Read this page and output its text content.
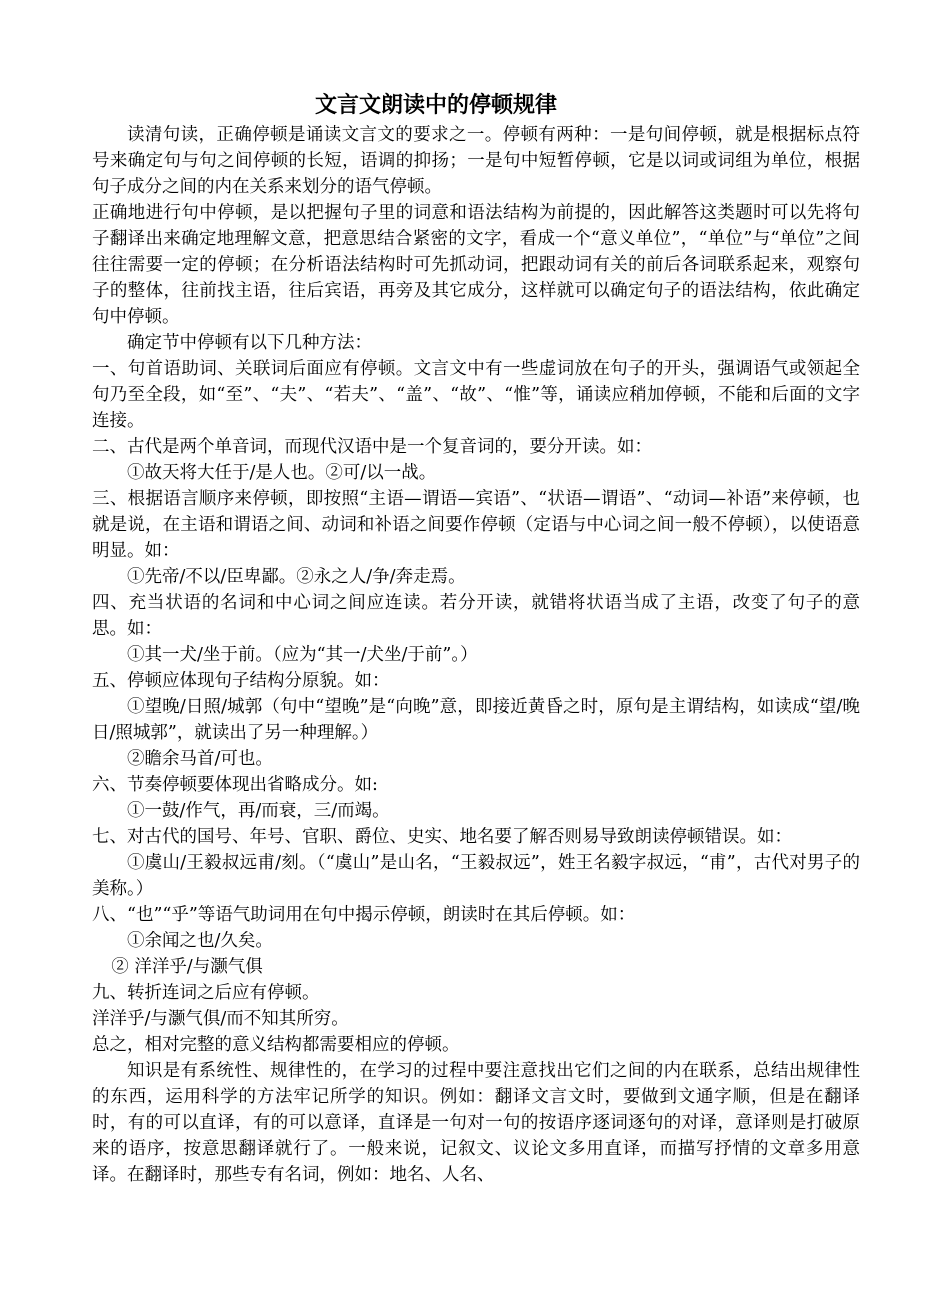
文言文朗读中的停顿规律

读清句读，正确停顿是诵读文言文的要求之一。停顿有两种：一是句间停顿，就是根据标点符号来确定句与句之间停顿的长短，语调的抑扬；一是句中短暂停顿，它是以词或词组为单位，根据句子成分之间的内在关系来划分的语气停顿。

正确地进行句中停顿，是以把握句子里的词意和语法结构为前提的，因此解答这类题时可以先将句子翻译出来确定地理解文意，把意思结合紧密的文字，看成一个“意义单位”，“单位”与“单位”之间往往需要一定的停顿；在分析语法结构时可先抓动词，把跟动词有关的前后各词联系起来，观察句子的整体，往前找主语，往后宾语，再旁及其它成分，这样就可以确定句子的语法结构，依此确定句中停顿。

确定节中停顿有以下几种方法：

一、句首语助词、关联词后面应有停顿。文言文中有一些虚词放在句子的开头，强调语气或领起全句乃至全段，如“至”、“夫”、“若夫”、“盖”、“故”、“惟”等，诵读应稍加停顿，不能和后面的文字连接。

二、古代是两个单音词，而现代汉语中是一个复音词的，要分开读。如：

①故天将大任于/是人也。②可/以一战。

三、根据语言顺序来停顿，即按照“主语—谓语—宾语”、“状语—谓语”、“动词—补语”来停顿，也就是说，在主语和谓语之间、动词和补语之间要作停顿（定语与中心词之间一般不停顿），以使语意明显。如：

①先帝/不以/臣卑鄙。②永之人/争/奔走焉。

四、充当状语的名词和中心词之间应连读。若分开读，就错将状语当成了主语，改变了句子的意思。如：

①其一犬/坐于前。（应为“其一/犬坐/于前”。）

五、停顿应体现句子结构分原貌。如：

①望晚/日照/城郭（句中“望晚”是“向晚”意，即接近黄昏之时，原句是主谓结构，如读成“望/晚日/照城郭”，就读出了另一种理解。）

②瞻余马首/可也。

六、节奏停顿要体现出省略成分。如:

①一鼓/作气，再/而衰，三/而竭。

七、对古代的国号、年号、官职、爵位、史实、地名要了解否则易导致朗读停顿错误。如：

①虞山/王毅叔远甫/刻。（“虞山”是山名，“王毅叔远”，姓王名毅字叔远，“甫”，古代对男子的美称。）

八、“也”“乎”等语气助词用在句中揭示停顿，朗读时在其后停顿。如：

①余闻之也/久矣。

② 洋洋乎/与灏气俱

九、转折连词之后应有停顿。

洋洋乎/与灏气俱/而不知其所穷。

总之，相对完整的意义结构都需要相应的停顿。

知识是有系统性、规律性的，在学习的过程中要注意找出它们之间的内在联系，总结出规律性的东西，运用科学的方法牢记所学的知识。例如：翻译文言文时，要做到文通字顺，但是在翻译时，有的可以直译，有的可以意译，直译是一句对一句的按语序逐词逐句的对译，意译则是打破原来的语序，按意思翻译就行了。一般来说，记叙文、议论文多用直译，而描写抒情的文章多用意译。在翻译时，那些专有名词，例如：地名、人名、
